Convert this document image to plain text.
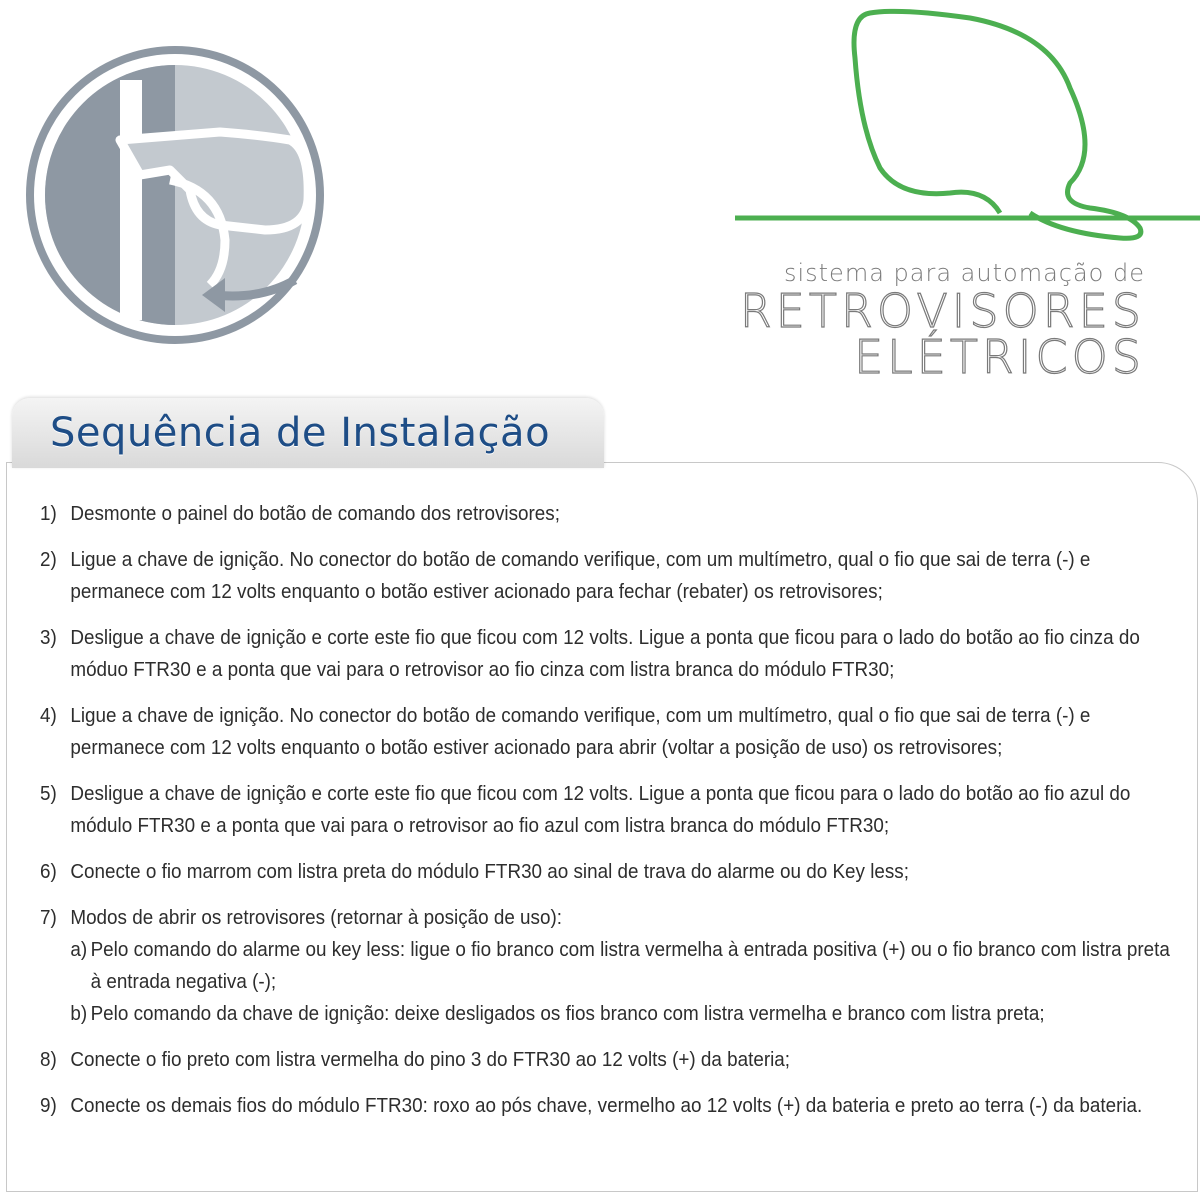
sistema para automação de
RETROVISORES
ELÉTRICOS
Sequência de Instalação
1) Desmonte o painel do botão de comando dos retrovisores;
2) Ligue a chave de ignição. No conector do botão de comando verifique, com um multímetro, qual o fio que sai de terra (-) e permanece com 12 volts enquanto o botão estiver acionado para fechar (rebater) os retrovisores;
3) Desligue a chave de ignição e corte este fio que ficou com 12 volts. Ligue a ponta que ficou para o lado do botão ao fio cinza do móduo FTR30 e a ponta que vai para o retrovisor ao fio cinza com listra branca do módulo FTR30;
4) Ligue a chave de ignição. No conector do botão de comando verifique, com um multímetro, qual o fio que sai de terra (-) e permanece com 12 volts enquanto o botão estiver acionado para abrir (voltar a posição de uso) os retrovisores;
5) Desligue a chave de ignição e corte este fio que ficou com 12 volts. Ligue a ponta que ficou para o lado do botão ao fio azul do módulo FTR30 e a ponta que vai para o retrovisor ao fio azul com listra branca do módulo FTR30;
6) Conecte o fio marrom com listra preta do módulo FTR30 ao sinal de trava do alarme ou do Key less;
7) Modos de abrir os retrovisores (retornar à posição de uso):
a) Pelo comando do alarme ou key less: ligue o fio branco com listra vermelha à entrada positiva (+) ou o fio branco com listra preta à entrada negativa (-);
b) Pelo comando da chave de ignição: deixe desligados os fios branco com listra vermelha e branco com listra preta;
8) Conecte o fio preto com listra vermelha do pino 3 do FTR30 ao 12 volts (+) da bateria;
9) Conecte os demais fios do módulo FTR30: roxo ao pós chave, vermelho ao 12 volts (+) da bateria e preto ao terra (-) da bateria.
